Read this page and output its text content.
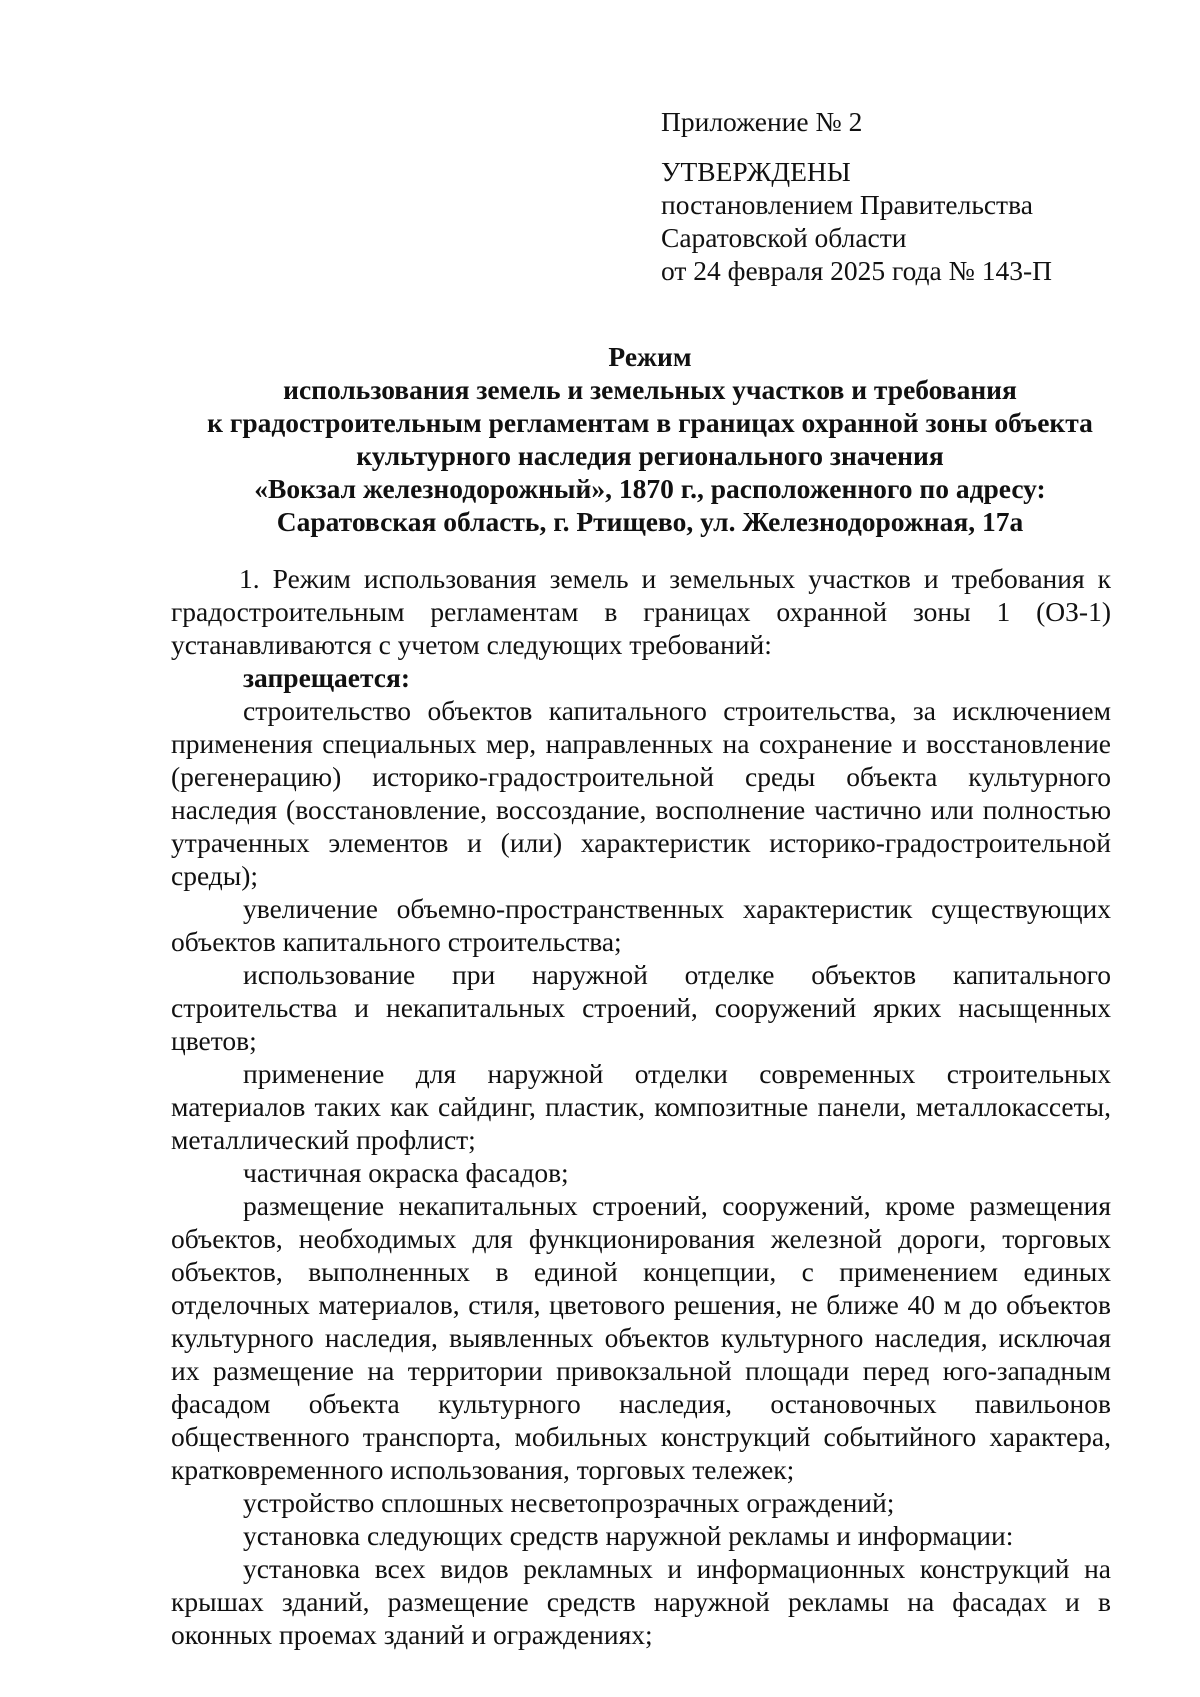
Приложение № 2
УТВЕРЖДЕНЫ
постановлением Правительства
Саратовской области
от 24 февраля 2025 года № 143-П
Режим
использования земель и земельных участков и требования
к градостроительным регламентам в границах охранной зоны объекта
культурного наследия регионального значения
«Вокзал железнодорожный», 1870 г., расположенного по адресу:
Саратовская область, г. Ртищево, ул. Железнодорожная, 17а

1. Режим использования земель и земельных участков и требования к градостроительным регламентам в границах охранной зоны 1 (ОЗ-1) устанавливаются с учетом следующих требований:

запрещается:

строительство объектов капитального строительства, за исключением применения специальных мер, направленных на сохранение и восстановление (регенерацию) историко-градостроительной среды объекта культурного наследия (восстановление, воссоздание, восполнение частично или полностью утраченных элементов и (или) характеристик историко-градостроительной среды);

увеличение объемно-пространственных характеристик существующих объектов капитального строительства;

использование при наружной отделке объектов капитального строительства и некапитальных строений, сооружений ярких насыщенных цветов;

применение для наружной отделки современных строительных материалов таких как сайдинг, пластик, композитные панели, металлокассеты, металлический профлист;

частичная окраска фасадов;

размещение некапитальных строений, сооружений, кроме размещения объектов, необходимых для функционирования железной дороги, торговых объектов, выполненных в единой концепции, с применением единых отделочных материалов, стиля, цветового решения, не ближе 40 м до объектов культурного наследия, выявленных объектов культурного наследия, исключая их размещение на территории привокзальной площади перед юго-западным фасадом объекта культурного наследия, остановочных павильонов общественного транспорта, мобильных конструкций событийного характера, кратковременного использования, торговых тележек;

устройство сплошных несветопрозрачных ограждений;

установка следующих средств наружной рекламы и информации:

установка всех видов рекламных и информационных конструкций на крышах зданий, размещение средств наружной рекламы на фасадах и в оконных проемах зданий и ограждениях;
